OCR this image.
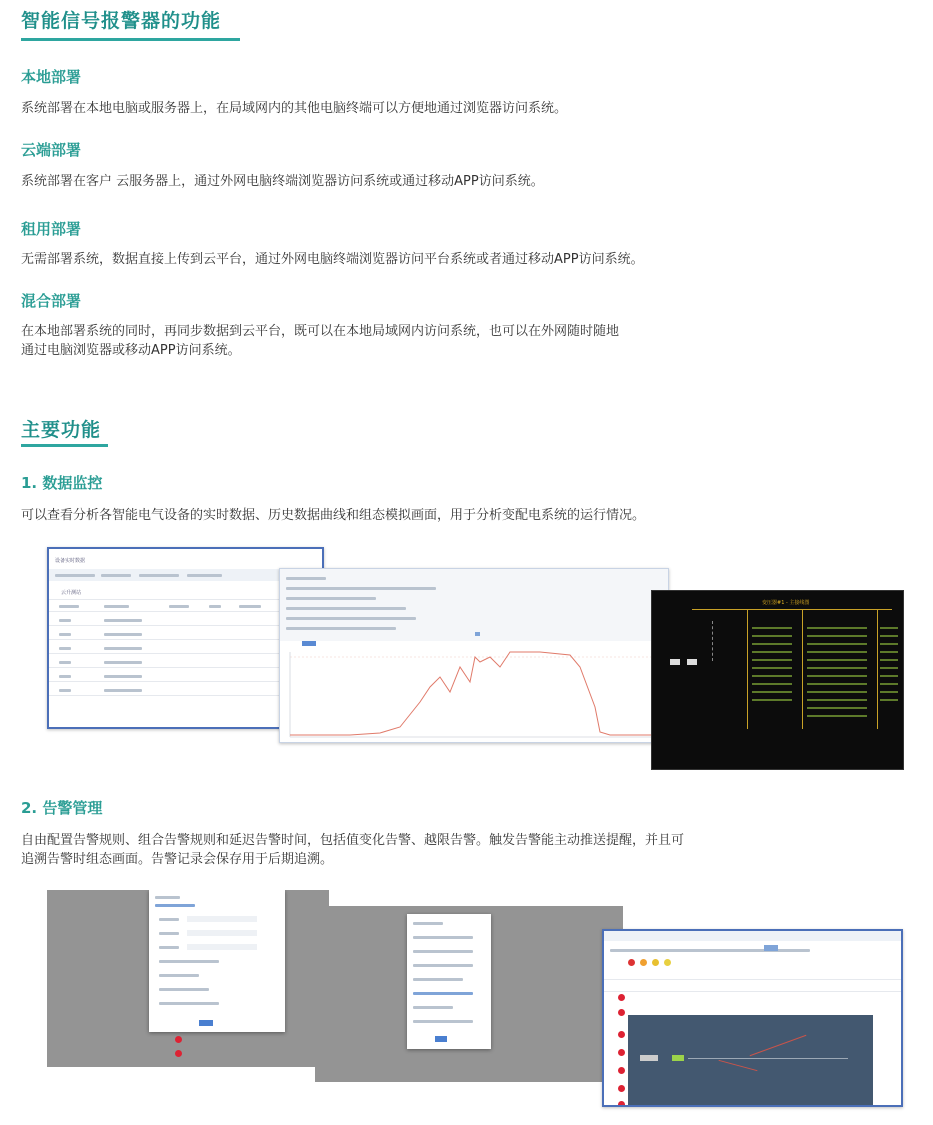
智能信号报警器的功能
本地部署
系统部署在本地电脑或服务器上，在局域网内的其他电脑终端可以方便地通过浏览器访问系统。
云端部署
系统部署在客户 云服务器上，通过外网电脑终端浏览器访问系统或通过移动APP访问系统。
租用部署
无需部署系统，数据直接上传到云平台，通过外网电脑终端浏览器访问平台系统或者通过移动APP访问系统。
混合部署
在本地部署系统的同时，再同步数据到云平台，既可以在本地局域网内访问系统，也可以在外网随时随地
通过电脑浏览器或移动APP访问系统。
主要功能
1. 数据监控
可以查看分析各智能电气设备的实时数据、历史数据曲线和组态模拟画面，用于分析变配电系统的运行情况。
设备实时数据
云升测站
变压器#1 - 主接线图
2. 告警管理
自由配置告警规则、组合告警规则和延迟告警时间，包括值变化告警、越限告警。触发告警能主动推送提醒，并且可
追溯告警时组态画面。告警记录会保存用于后期追溯。
